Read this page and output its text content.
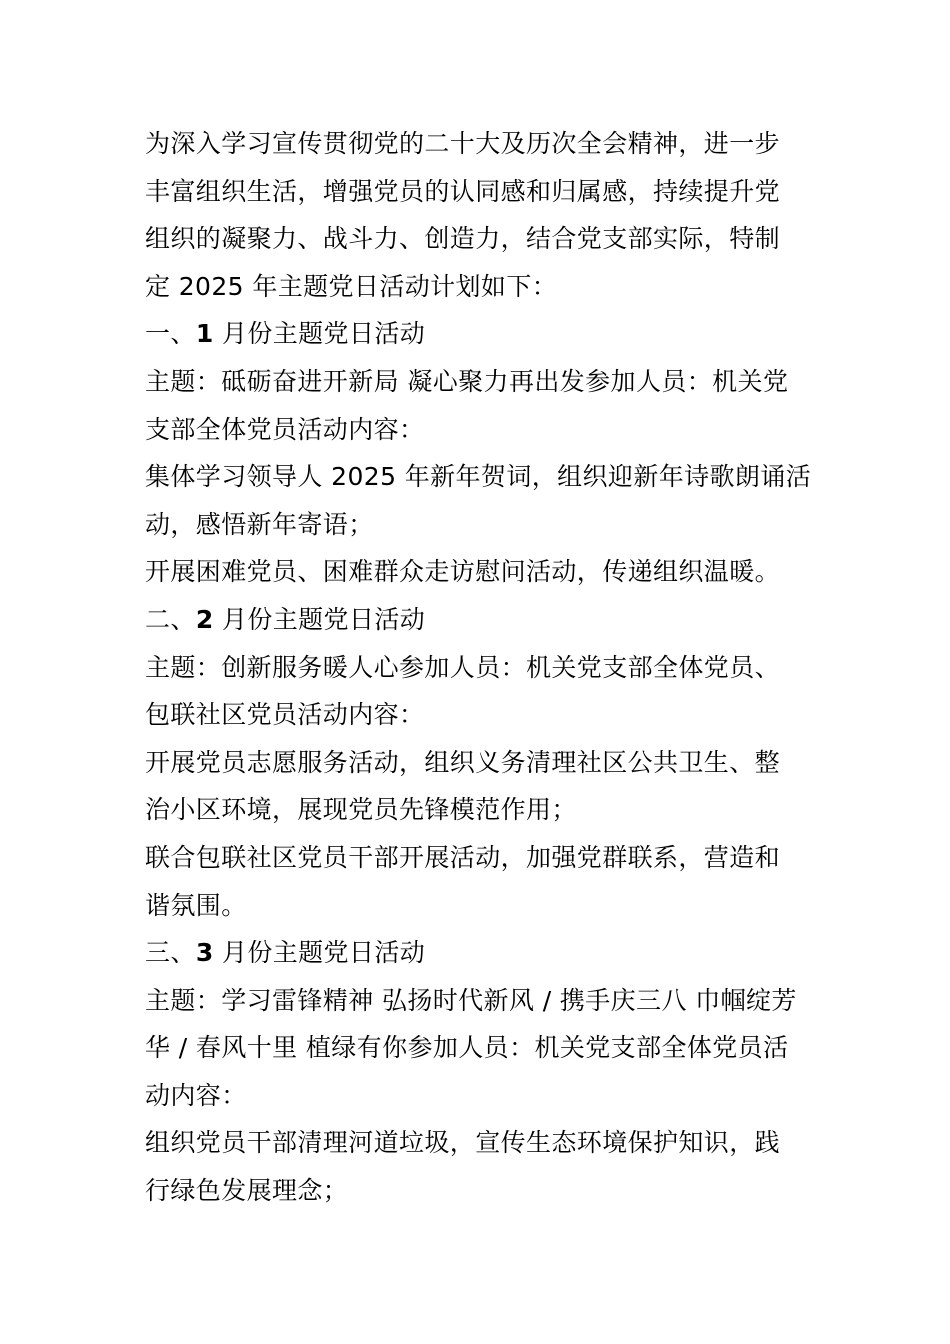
为深入学习宣传贯彻党的二十大及历次全会精神，进一步
丰富组织生活，增强党员的认同感和归属感，持续提升党
组织的凝聚力、战斗力、创造力，结合党支部实际，特制
定 2025 年主题党日活动计划如下：
一、1 月份主题党日活动
主题：砥砺奋进开新局 凝心聚力再出发参加人员：机关党
支部全体党员活动内容：
集体学习领导人 2025 年新年贺词，组织迎新年诗歌朗诵活
动，感悟新年寄语；
开展困难党员、困难群众走访慰问活动，传递组织温暖。
二、2 月份主题党日活动
主题：创新服务暖人心参加人员：机关党支部全体党员、
包联社区党员活动内容：
开展党员志愿服务活动，组织义务清理社区公共卫生、整
治小区环境，展现党员先锋模范作用；
联合包联社区党员干部开展活动，加强党群联系，营造和
谐氛围。
三、3 月份主题党日活动
主题：学习雷锋精神 弘扬时代新风 / 携手庆三八 巾帼绽芳
华 / 春风十里 植绿有你参加人员：机关党支部全体党员活
动内容：
组织党员干部清理河道垃圾，宣传生态环境保护知识，践
行绿色发展理念；
